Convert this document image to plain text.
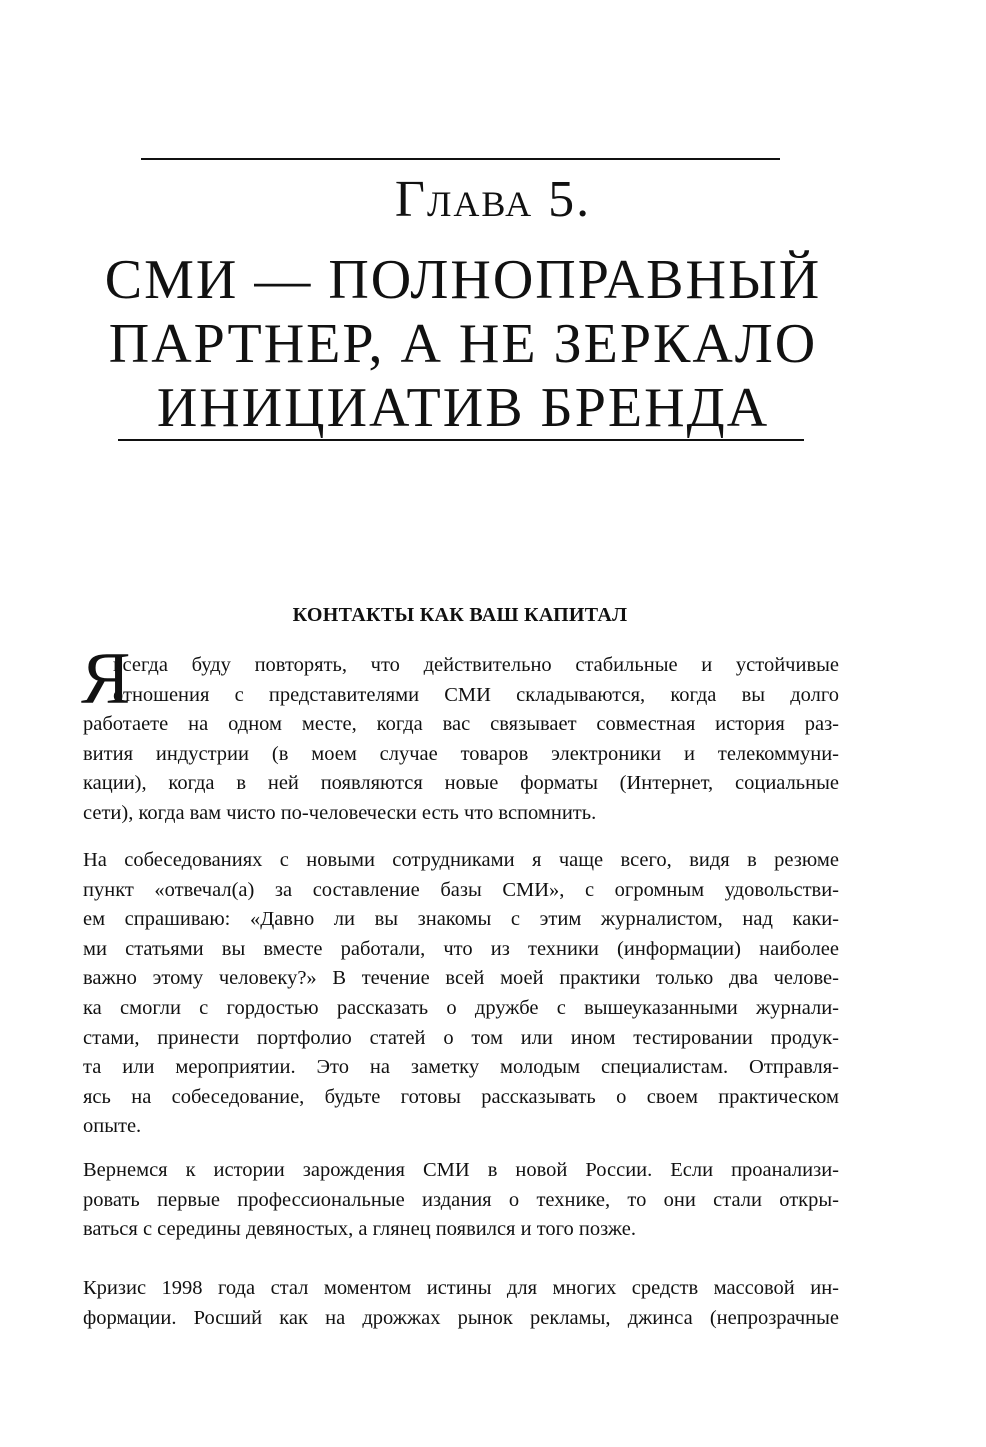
Глава 5.
СМИ — ПОЛНОПРАВНЫЙ
ПАРТНЕР, А НЕ ЗЕРКАЛО
ИНИЦИАТИВ БРЕНДА
КОНТАКТЫ КАК ВАШ КАПИТАЛ
Я
всегда буду повторять, что действительно стабильные и устойчивые
отношения с представителями СМИ складываются, когда вы долго
работаете на одном месте, когда вас связывает совместная история раз-
вития индустрии (в моем случае товаров электроники и телекоммуни-
кации), когда в ней появляются новые форматы (Интернет, социальные
сети), когда вам чисто по-человечески есть что вспомнить.
На собеседованиях с новыми сотрудниками я чаще всего, видя в резюме
пункт «отвечал(а) за составление базы СМИ», с огромным удовольстви-
ем спрашиваю: «Давно ли вы знакомы с этим журналистом, над каки-
ми статьями вы вместе работали, что из техники (информации) наиболее
важно этому человеку?» В течение всей моей практики только два челове-
ка смогли с гордостью рассказать о дружбе с вышеуказанными журнали-
стами, принести портфолио статей о том или ином тестировании продук-
та или мероприятии. Это на заметку молодым специалистам. Отправля-
ясь на собеседование, будьте готовы рассказывать о своем практическом
опыте.
Вернемся к истории зарождения СМИ в новой России. Если проанализи-
ровать первые профессиональные издания о технике, то они стали откры-
ваться с середины девяностых, а глянец появился и того позже.
Кризис 1998 года стал моментом истины для многих средств массовой ин-
формации. Росший как на дрожжах рынок рекламы, джинса (непрозрачные
